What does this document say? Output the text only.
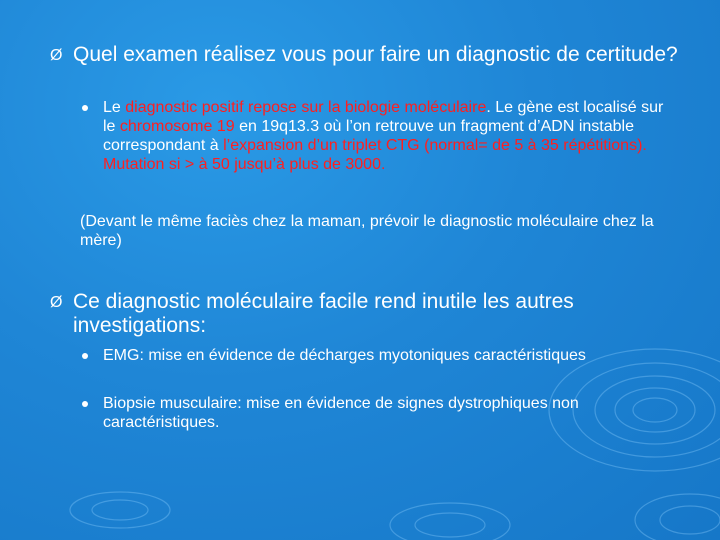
Ø Quel examen réalisez vous pour faire un diagnostic de certitude?
Le diagnostic positif repose sur la biologie moléculaire. Le gène est localisé sur le chromosome 19 en 19q13.3 où l’on retrouve un fragment d’ADN instable correspondant à l’expansion d’un triplet CTG (normal= de 5 à 35 répétitions). Mutation si > à 50 jusqu’à plus de 3000.
(Devant le même faciès chez la maman, prévoir le diagnostic moléculaire chez la mère)
Ø Ce diagnostic moléculaire facile rend inutile les autres investigations:
EMG: mise en évidence de décharges myotoniques caractéristiques
Biopsie musculaire: mise en évidence de signes dystrophiques non caractéristiques.
